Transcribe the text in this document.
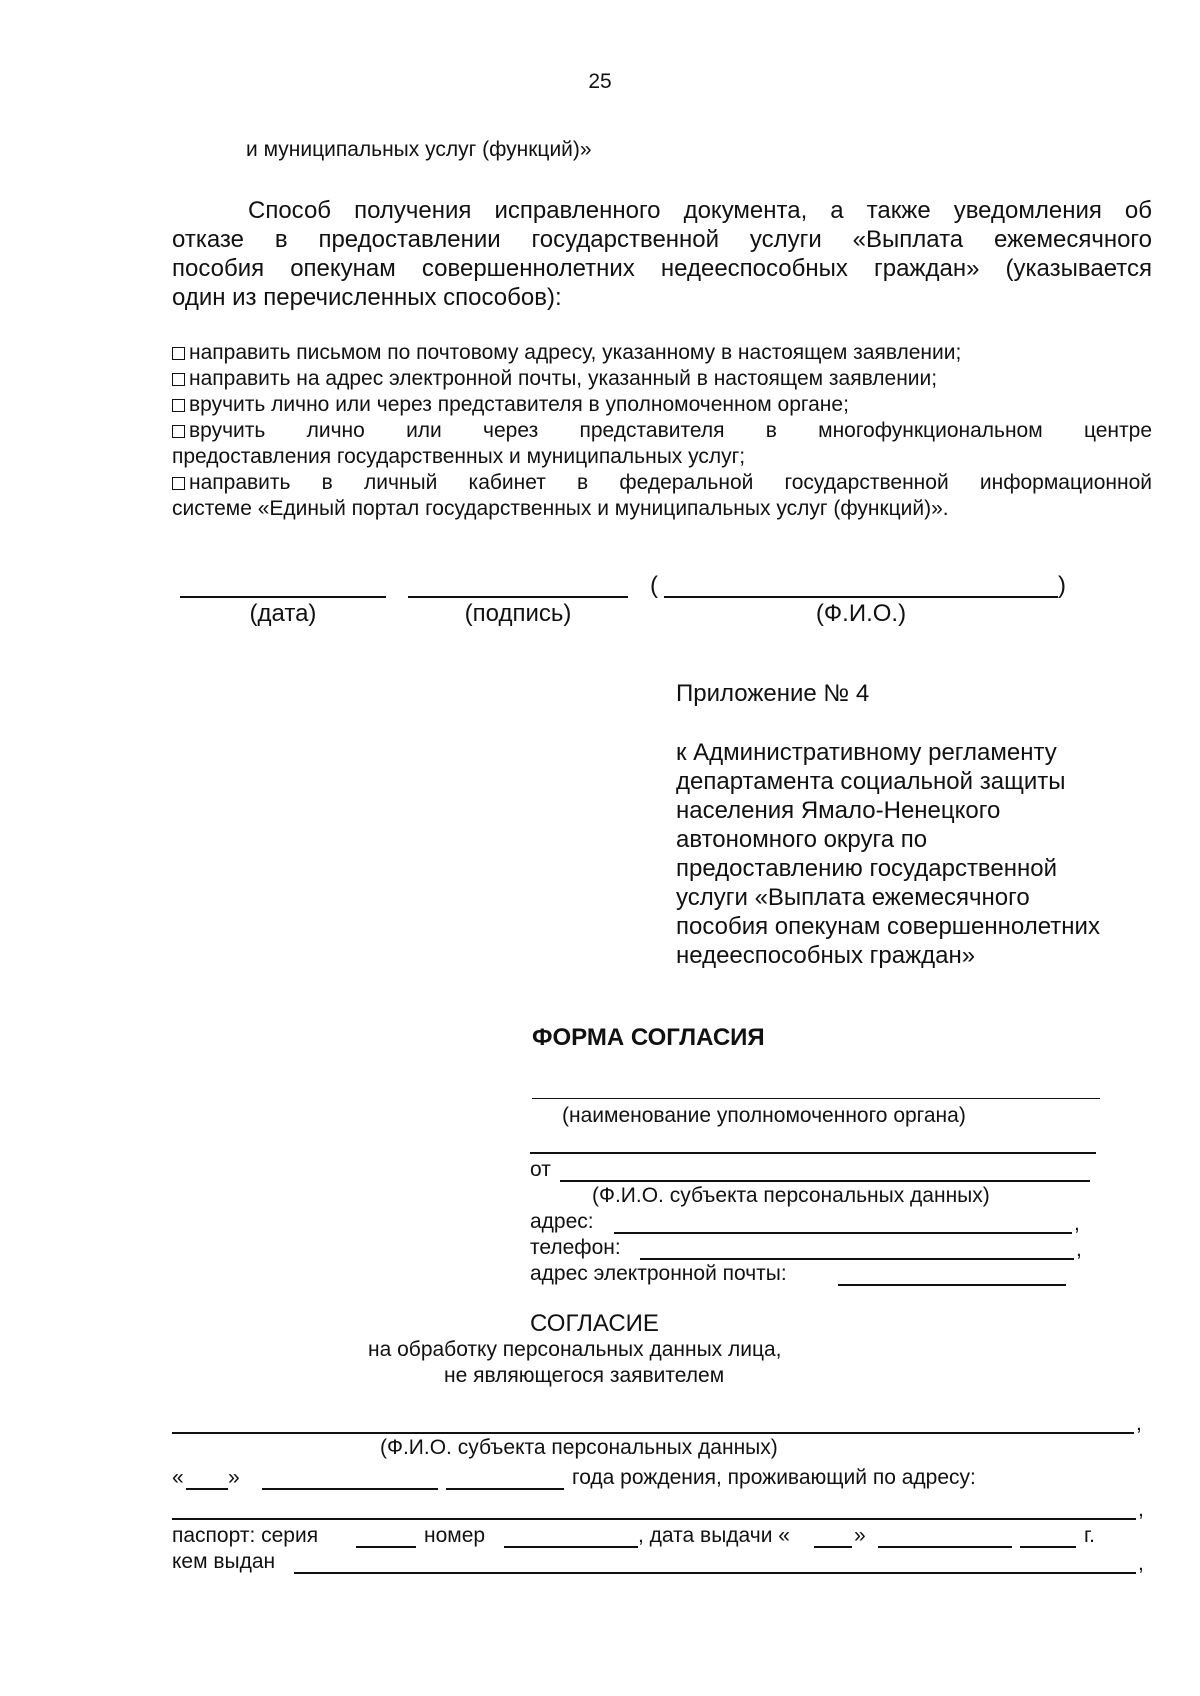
25
и муниципальных услуг (функций)»
Способ получения исправленного документа, а также уведомления об
отказе в предоставлении государственной услуги «Выплата ежемесячного
пособия опекунам совершеннолетних недееспособных граждан» (указывается
один из перечисленных способов):
направить письмом по почтовому адресу, указанному в настоящем заявлении;
направить на адрес электронной почты, указанный в настоящем заявлении;
вручить лично или через представителя в уполномоченном органе;
вручить лично или через представителя в многофункциональном центре
предоставления государственных и муниципальных услуг;
направить в личный кабинет в федеральной государственной информационной
системе «Единый портал государственных и муниципальных услуг (функций)».
(	)
(дата)	(подпись)	(Ф.И.О.)
Приложение № 4
к Административному регламенту
департамента социальной защиты
населения Ямало-Ненецкого
автономного округа по
предоставлению государственной
услуги «Выплата ежемесячного
пособия опекунам совершеннолетних
недееспособных граждан»
ФОРМА СОГЛАСИЯ
(наименование уполномоченного органа)
от
(Ф.И.О. субъекта персональных данных)
адрес:	,
телефон:	,
адрес электронной почты:
СОГЛАСИЕ
на обработку персональных данных лица,
не являющегося заявителем
,
(Ф.И.О. субъекта персональных данных)
« »	года рождения, проживающий по адресу:
,
паспорт: серия	номер	, дата выдачи «	»	г.
кем выдан	,
